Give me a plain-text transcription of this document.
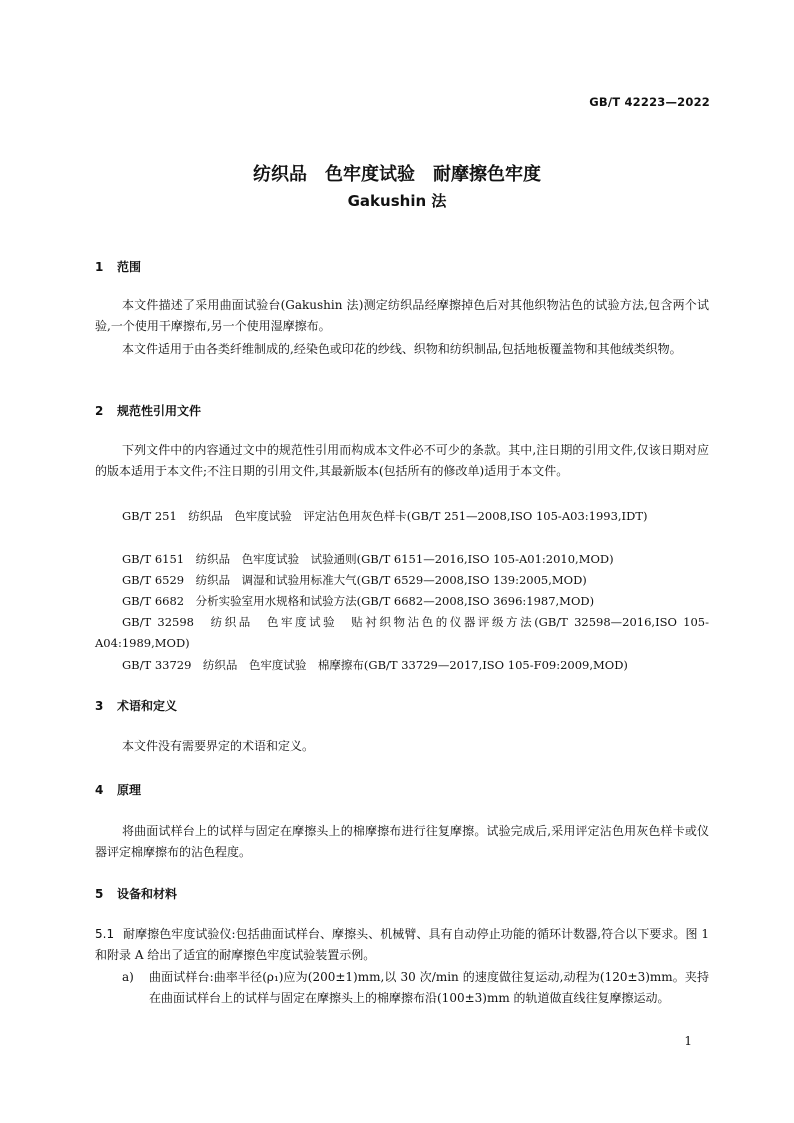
GB/T 42223—2022
纺织品　色牢度试验　耐摩擦色牢度
Gakushin 法
1 范围
本文件描述了采用曲面试验台(Gakushin 法)测定纺织品经摩擦掉色后对其他织物沾色的试验方法,包含两个试验,一个使用干摩擦布,另一个使用湿摩擦布。
本文件适用于由各类纤维制成的,经染色或印花的纱线、织物和纺织制品,包括地板覆盖物和其他绒类织物。
2 规范性引用文件
下列文件中的内容通过文中的规范性引用而构成本文件必不可少的条款。其中,注日期的引用文件,仅该日期对应的版本适用于本文件;不注日期的引用文件,其最新版本(包括所有的修改单)适用于本文件。
GB/T 251　纺织品　色牢度试验　评定沾色用灰色样卡(GB/T 251—2008,ISO 105-A03:1993,IDT)
GB/T 6151　纺织品　色牢度试验　试验通则(GB/T 6151—2016,ISO 105-A01:2010,MOD)
GB/T 6529　纺织品　调湿和试验用标准大气(GB/T 6529—2008,ISO 139:2005,MOD)
GB/T 6682　分析实验室用水规格和试验方法(GB/T 6682—2008,ISO 3696:1987,MOD)
GB/T 32598　纺织品　色牢度试验　贴衬织物沾色的仪器评级方法(GB/T 32598—2016,ISO 105-A04:1989,MOD)
GB/T 33729　纺织品　色牢度试验　棉摩擦布(GB/T 33729—2017,ISO 105-F09:2009,MOD)
3 术语和定义
本文件没有需要界定的术语和定义。
4 原理
将曲面试样台上的试样与固定在摩擦头上的棉摩擦布进行往复摩擦。试验完成后,采用评定沾色用灰色样卡或仪器评定棉摩擦布的沾色程度。
5 设备和材料
5.1 耐摩擦色牢度试验仪:包括曲面试样台、摩擦头、机械臂、具有自动停止功能的循环计数器,符合以下要求。图 1 和附录 A 给出了适宜的耐摩擦色牢度试验装置示例。
a) 曲面试样台:曲率半径(ρ₁)应为(200±1)mm,以 30 次/min 的速度做往复运动,动程为(120±3)mm。夹持在曲面试样台上的试样与固定在摩擦头上的棉摩擦布沿(100±3)mm 的轨道做直线往复摩擦运动。
1
